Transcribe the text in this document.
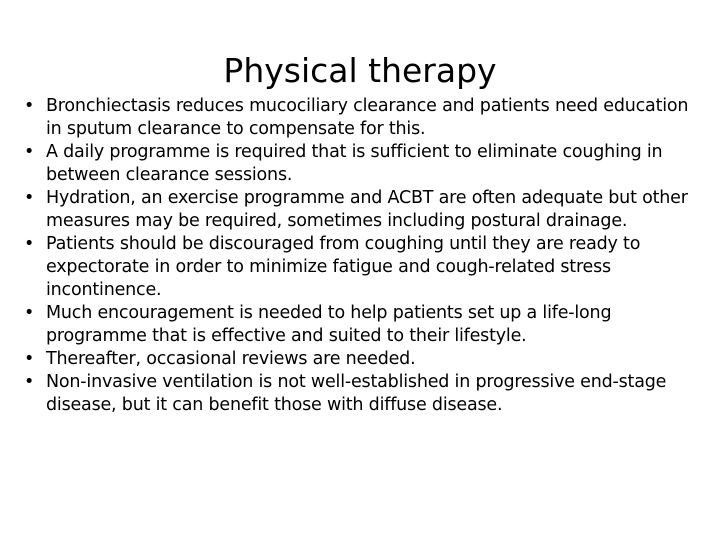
Physical therapy
• Bronchiectasis reduces mucociliary clearance and patients need education in sputum clearance to compensate for this.
• A daily programme is required that is sufficient to eliminate coughing in between clearance sessions.
• Hydration, an exercise programme and ACBT are often adequate but other measures may be required, sometimes including postural drainage.
• Patients should be discouraged from coughing until they are ready to expectorate in order to minimize fatigue and cough-related stress incontinence.
• Much encouragement is needed to help patients set up a life-long programme that is effective and suited to their lifestyle.
• Thereafter, occasional reviews are needed.
• Non-invasive ventilation is not well-established in progressive end-stage disease, but it can benefit those with diffuse disease.
